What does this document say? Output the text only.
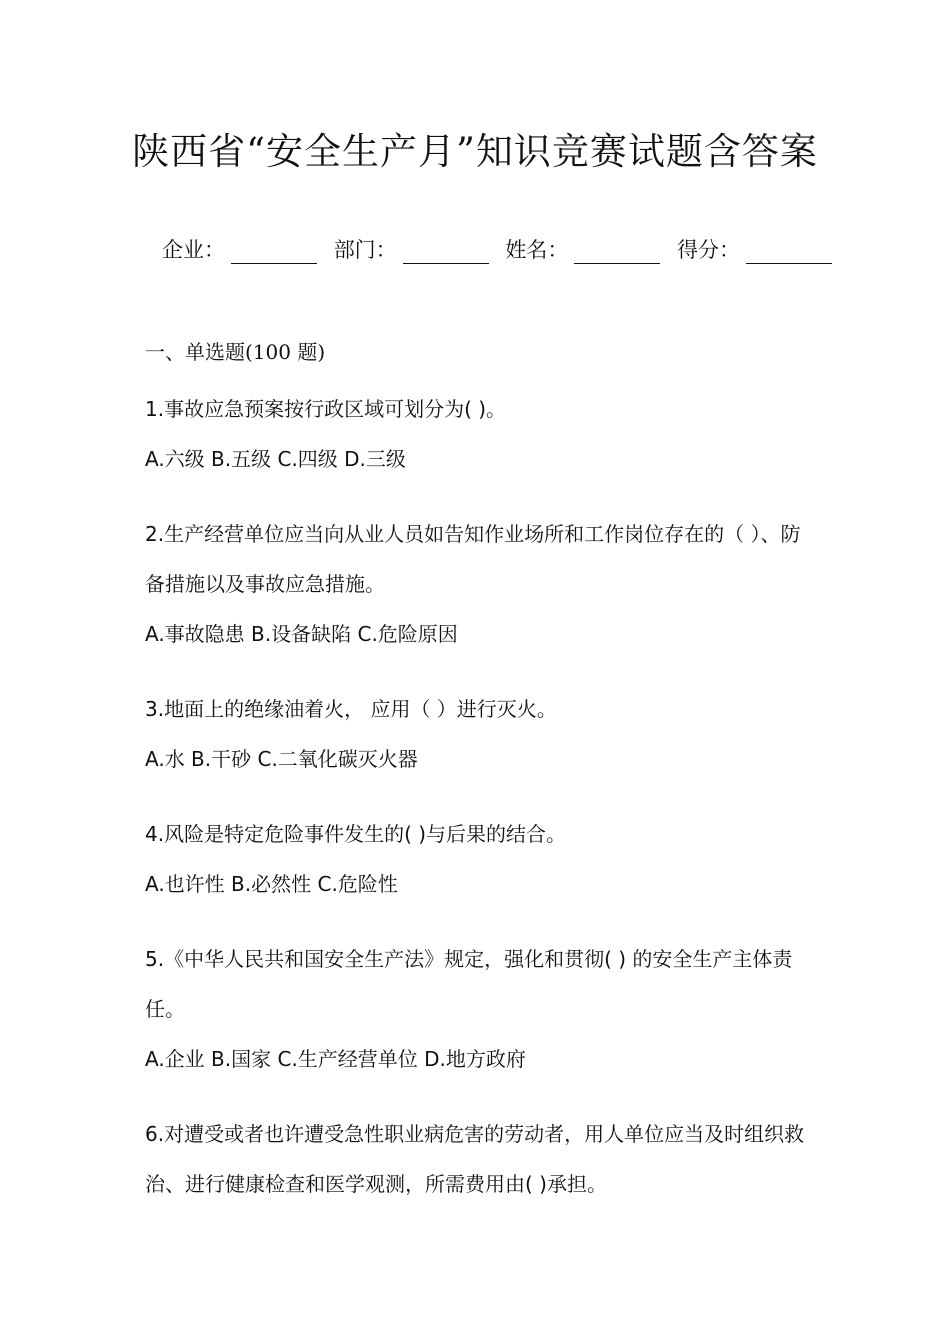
陕西省“安全生产月”知识竞赛试题含答案
企业：	部门：	姓名：	得分：
一、单选题(100 题)

1.事故应急预案按行政区域可划分为( )。

A.六级 B.五级 C.四级 D.三级

2.生产经营单位应当向从业人员如告知作业场所和工作岗位存在的（ ）、防备措施以及事故应急措施。

A.事故隐患 B.设备缺陷 C.危险原因

3.地面上的绝缘油着火， 应用（ ）进行灭火。

A.水 B.干砂 C.二氧化碳灭火器

4.风险是特定危险事件发生的( )与后果的结合。

A.也许性 B.必然性 C.危险性

5.《中华人民共和国安全生产法》规定，强化和贯彻( ) 的安全生产主体责任。

A.企业 B.国家 C.生产经营单位 D.地方政府

6.对遭受或者也许遭受急性职业病危害的劳动者，用人单位应当及时组织救治、进行健康检查和医学观测，所需费用由( )承担。
